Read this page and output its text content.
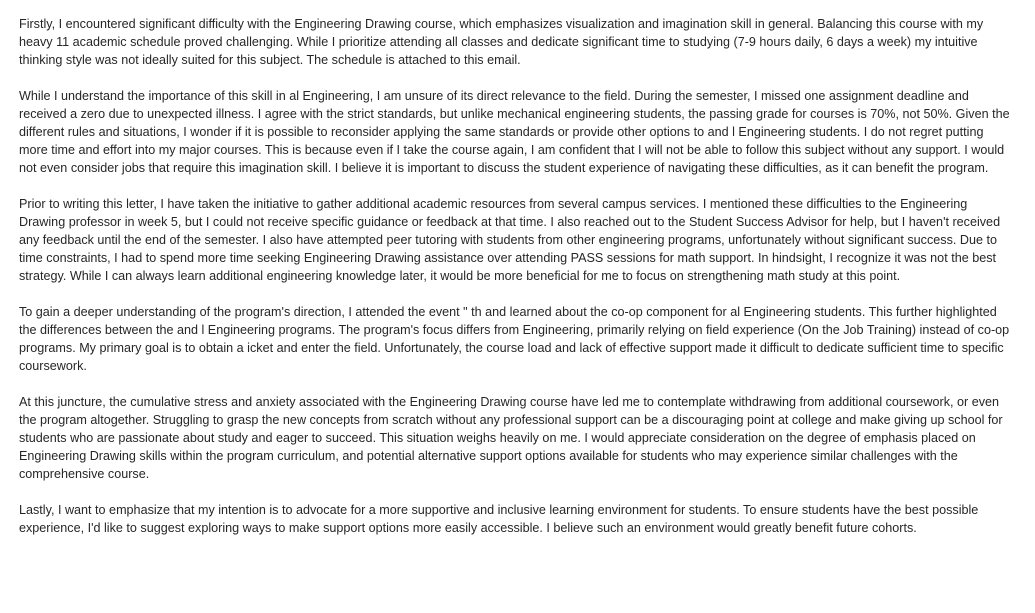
Firstly, I encountered significant difficulty with the Engineering Drawing course, which emphasizes visualization and imagination skill in general. Balancing this course with my heavy 11 academic schedule proved challenging. While I prioritize attending all classes and dedicate significant time to studying (7-9 hours daily, 6 days a week) my intuitive thinking style was not ideally suited for this subject. The schedule is attached to this email.

While I understand the importance of this skill in al Engineering, I am unsure of its direct relevance to the field. During the semester, I missed one assignment deadline and received a zero due to unexpected illness. I agree with the strict standards, but unlike mechanical engineering students, the passing grade for courses is 70%, not 50%. Given the different rules and situations, I wonder if it is possible to reconsider applying the same standards or provide other options to and l Engineering students. I do not regret putting more time and effort into my major courses. This is because even if I take the course again, I am confident that I will not be able to follow this subject without any support. I would not even consider jobs that require this imagination skill. I believe it is important to discuss the student experience of navigating these difficulties, as it can benefit the program.

Prior to writing this letter, I have taken the initiative to gather additional academic resources from several campus services. I mentioned these difficulties to the Engineering Drawing professor in week 5, but I could not receive specific guidance or feedback at that time. I also reached out to the Student Success Advisor for help, but I haven't received any feedback until the end of the semester. I also have attempted peer tutoring with students from other engineering programs, unfortunately without significant success. Due to time constraints, I had to spend more time seeking Engineering Drawing assistance over attending PASS sessions for math support. In hindsight, I recognize it was not the best strategy. While I can always learn additional engineering knowledge later, it would be more beneficial for me to focus on strengthening math study at this point.

To gain a deeper understanding of the program's direction, I attended the event " th and learned about the co-op component for al Engineering students. This further highlighted the differences between the and l Engineering programs. The program's focus differs from Engineering, primarily relying on field experience (On the Job Training) instead of co-op programs. My primary goal is to obtain a icket and enter the field. Unfortunately, the course load and lack of effective support made it difficult to dedicate sufficient time to specific coursework.

At this juncture, the cumulative stress and anxiety associated with the Engineering Drawing course have led me to contemplate withdrawing from additional coursework, or even the program altogether. Struggling to grasp the new concepts from scratch without any professional support can be a discouraging point at college and make giving up school for students who are passionate about study and eager to succeed. This situation weighs heavily on me. I would appreciate consideration on the degree of emphasis placed on Engineering Drawing skills within the program curriculum, and potential alternative support options available for students who may experience similar challenges with the comprehensive course.

Lastly, I want to emphasize that my intention is to advocate for a more supportive and inclusive learning environment for students. To ensure students have the best possible experience, I'd like to suggest exploring ways to make support options more easily accessible. I believe such an environment would greatly benefit future cohorts.
